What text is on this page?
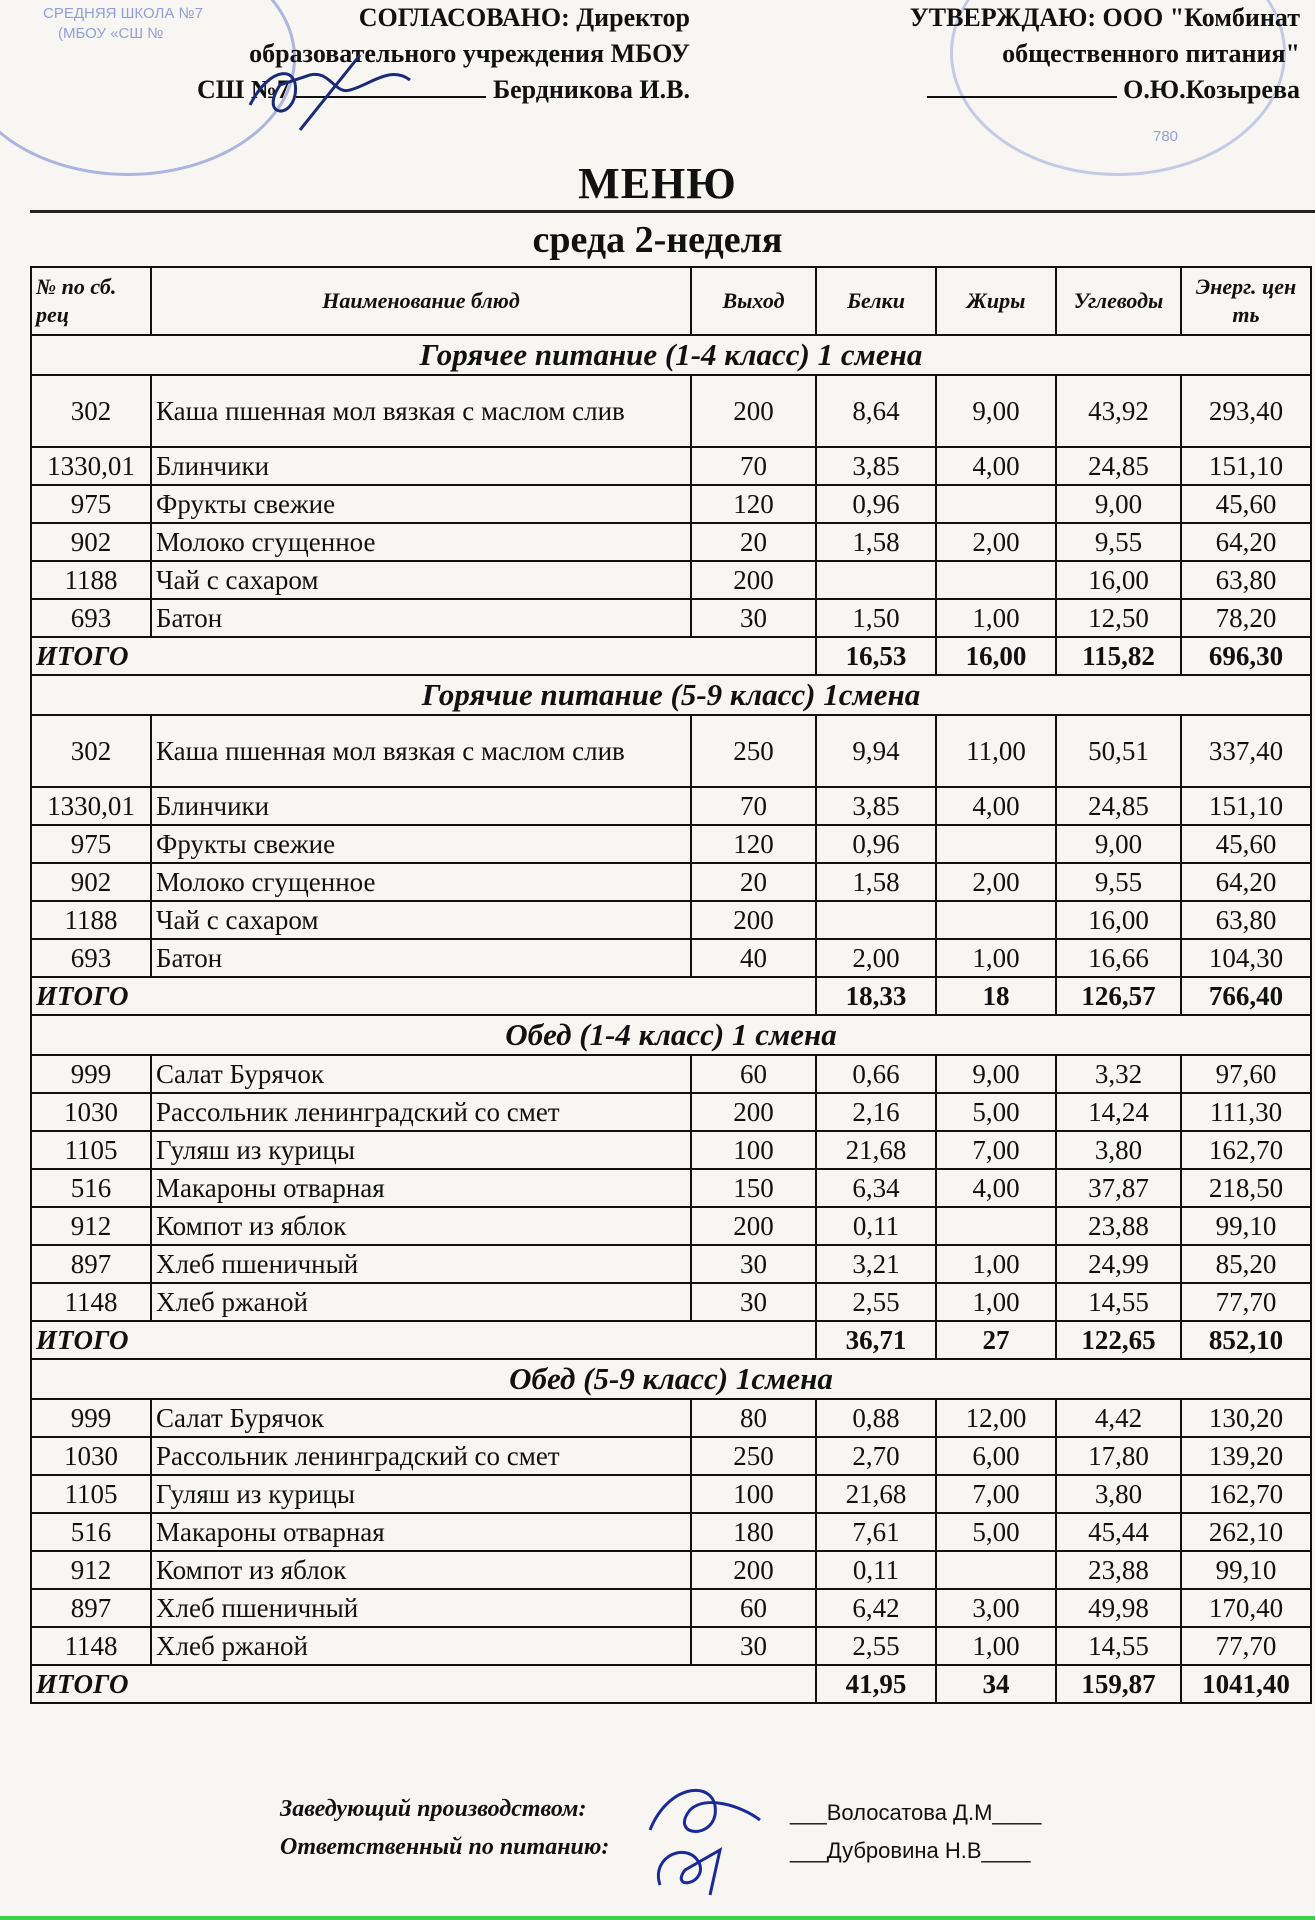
СРЕДНЯЯ ШКОЛА №7
(МБОУ «СШ №
780
СОГЛАСОВАНО: Директор
образовательного учреждения МБОУ
СШ №7	Бердникова И.В.
УТВЕРЖДАЮ: ООО "Комбинат
общественного питания"
О.Ю.Козырева
МЕНЮ
среда 2-неделя
№ по сб. рец	Наименование блюд	Выход	Белки	Жиры	Углеводы	Энерг. цен ть
Горячее питание (1-4 класс) 1 смена						
302	Каша пшенная мол вязкая с маслом слив	200	8,64	9,00	43,92	293,40
1330,01	Блинчики	70	3,85	4,00	24,85	151,10
975	Фрукты свежие	120	0,96		9,00	45,60
902	Молоко сгущенное	20	1,58	2,00	9,55	64,20
1188	Чай с сахаром	200			16,00	63,80
693	Батон	30	1,50	1,00	12,50	78,20
ИТОГО			16,53	16,00	115,82	696,30
Горячие питание (5-9 класс) 1смена						
302	Каша пшенная мол вязкая с маслом слив	250	9,94	11,00	50,51	337,40
1330,01	Блинчики	70	3,85	4,00	24,85	151,10
975	Фрукты свежие	120	0,96		9,00	45,60
902	Молоко сгущенное	20	1,58	2,00	9,55	64,20
1188	Чай с сахаром	200			16,00	63,80
693	Батон	40	2,00	1,00	16,66	104,30
ИТОГО			18,33	18	126,57	766,40
Обед (1-4 класс) 1 смена						
999	Салат Бурячок	60	0,66	9,00	3,32	97,60
1030	Рассольник ленинградский со смет	200	2,16	5,00	14,24	111,30
1105	Гуляш из курицы	100	21,68	7,00	3,80	162,70
516	Макароны отварная	150	6,34	4,00	37,87	218,50
912	Компот из яблок	200	0,11		23,88	99,10
897	Хлеб пшеничный	30	3,21	1,00	24,99	85,20
1148	Хлеб ржаной	30	2,55	1,00	14,55	77,70
ИТОГО			36,71	27	122,65	852,10
Обед (5-9 класс) 1смена						
999	Салат Бурячок	80	0,88	12,00	4,42	130,20
1030	Рассольник ленинградский со смет	250	2,70	6,00	17,80	139,20
1105	Гуляш из курицы	100	21,68	7,00	3,80	162,70
516	Макароны отварная	180	7,61	5,00	45,44	262,10
912	Компот из яблок	200	0,11		23,88	99,10
897	Хлеб пшеничный	60	6,42	3,00	49,98	170,40
1148	Хлеб ржаной	30	2,55	1,00	14,55	77,70
ИТОГО			41,95	34	159,87	1041,40
Заведующий производством:
Ответственный по питанию:
___Волосатова Д.М____
___Дубровина Н.В____
